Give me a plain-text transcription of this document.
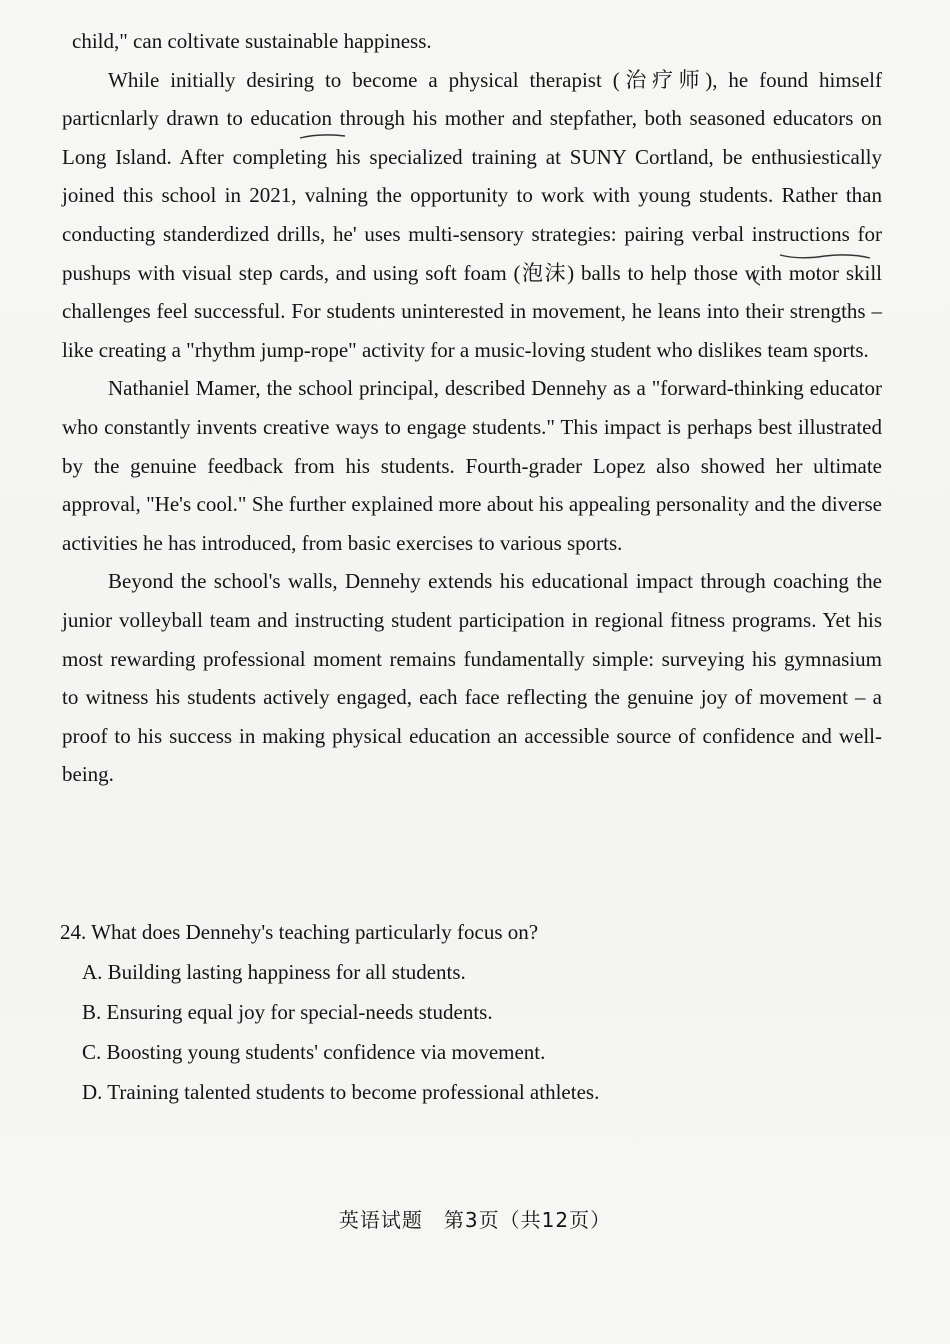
child," can coltivate sustainable happiness.

While initially desiring to become a physical therapist (治疗师), he found himself particnlarly drawn to education through his mother and stepfather, both seasoned educators on Long Island. After completing his specialized training at SUNY Cortland, be enthusiestically joined this school in 2021, valning the opportunity to work with young students. Rather than conducting standerdized drills, he' uses multi-sensory strategies: pairing verbal instructions for pushups with visual step cards, and using soft foam (泡沫) balls to help those with motor skill challenges feel successful. For students uninterested in movement, he leans into their strengths – like creating a "rhythm jump-rope" activity for a music-loving student who dislikes team sports.

Nathaniel Mamer, the school principal, described Dennehy as a "forward-thinking educator who constantly invents creative ways to engage students." This impact is perhaps best illustrated by the genuine feedback from his students. Fourth-grader Lopez also showed her ultimate approval, "He's cool." She further explained more about his appealing personality and the diverse activities he has introduced, from basic exercises to various sports.

Beyond the school's walls, Dennehy extends his educational impact through coaching the junior volleyball team and instructing student participation in regional fitness programs. Yet his most rewarding professional moment remains fundamentally simple: surveying his gymnasium to witness his students actively engaged, each face reflecting the genuine joy of movement – a proof to his success in making physical education an accessible source of confidence and well-being.

24. What does Dennehy's teaching particularly focus on?

A. Building lasting happiness for all students.

B. Ensuring equal joy for special-needs students.

C. Boosting young students' confidence via movement.

D. Training talented students to become professional athletes.

英语试题　第3页（共12页）
